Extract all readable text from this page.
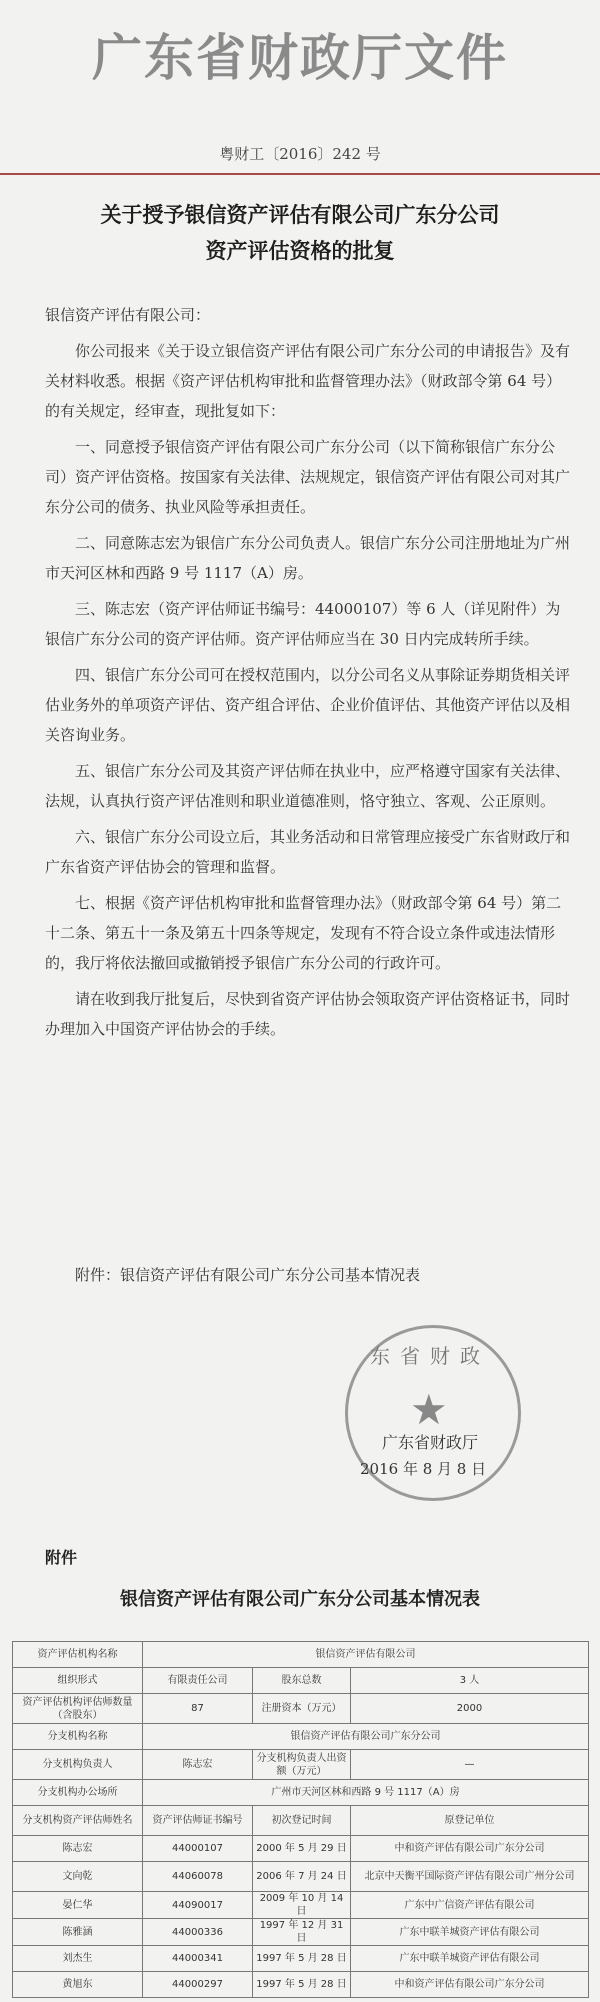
广东省财政厅文件
粤财工〔2016〕242 号
关于授予银信资产评估有限公司广东分公司
资产评估资格的批复

银信资产评估有限公司：

你公司报来《关于设立银信资产评估有限公司广东分公司的申请报告》及有关材料收悉。根据《资产评估机构审批和监督管理办法》（财政部令第 64 号）的有关规定，经审查，现批复如下：

一、同意授予银信资产评估有限公司广东分公司（以下简称银信广东分公司）资产评估资格。按国家有关法律、法规规定，银信资产评估有限公司对其广东分公司的债务、执业风险等承担责任。

二、同意陈志宏为银信广东分公司负责人。银信广东分公司注册地址为广州市天河区林和西路 9 号 1117（A）房。

三、陈志宏（资产评估师证书编号：44000107）等 6 人（详见附件）为银信广东分公司的资产评估师。资产评估师应当在 30 日内完成转所手续。

四、银信广东分公司可在授权范围内，以分公司名义从事除证券期货相关评估业务外的单项资产评估、资产组合评估、企业价值评估、其他资产评估以及相关咨询业务。

五、银信广东分公司及其资产评估师在执业中，应严格遵守国家有关法律、法规，认真执行资产评估准则和职业道德准则，恪守独立、客观、公正原则。

六、银信广东分公司设立后，其业务活动和日常管理应接受广东省财政厅和广东省资产评估协会的管理和监督。

七、根据《资产评估机构审批和监督管理办法》（财政部令第 64 号）第二十二条、第五十一条及第五十四条等规定，发现有不符合设立条件或违法情形的，我厅将依法撤回或撤销授予银信广东分公司的行政许可。

请在收到我厅批复后，尽快到省资产评估协会领取资产评估资格证书，同时办理加入中国资产评估协会的手续。

附件：银信资产评估有限公司广东分公司基本情况表
东省财政
★
广东省财政厅
2016 年 8 月 8 日
附件
银信资产评估有限公司广东分公司基本情况表
资产评估机构名称	银信资产评估有限公司		
组织形式	有限责任公司	股东总数	3 人
资产评估机构评估师数量（含股东）	87	注册资本（万元）	2000
分支机构名称	银信资产评估有限公司广东分公司		
分支机构负责人	陈志宏	分支机构负责人出资额（万元）	—
分支机构办公场所	广州市天河区林和西路 9 号 1117（A）房		
分支机构资产评估师姓名	资产评估师证书编号	初次登记时间	原登记单位
陈志宏	44000107	2000 年 5 月 29 日	中和资产评估有限公司广东分公司
文向乾	44060078	2006 年 7 月 24 日	北京中天衡平国际资产评估有限公司广州分公司
晏仁华	44090017	2009 年 10 月 14 日	广东中广信资产评估有限公司
陈雅涵	44000336	1997 年 12 月 31 日	广东中联羊城资产评估有限公司
刘杰生	44000341	1997 年 5 月 28 日	广东中联羊城资产评估有限公司
黄旭东	44000297	1997 年 5 月 28 日	中和资产评估有限公司广东分公司
